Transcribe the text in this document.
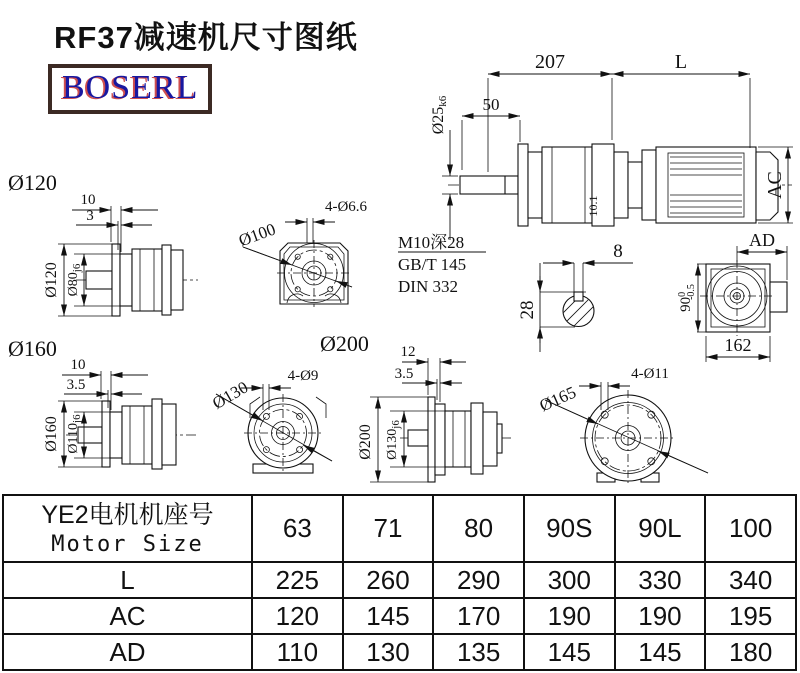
RF37减速机尺寸图纸
BOSERL
207	L
50
Ø25k6
AC
10.1
M10深28
GB/T 145
DIN 332
8
28
AD
$90^0-0.5$
162
Ø120
10
3
Ø120 $Ø80_{j6}$
Ø100
4-Ø6.6
Ø160
10
3.5
Ø160 $Ø110_{j6}$
Ø200
Ø130
4-Ø9
12
3.5
Ø200 $Ø130_{j6}$
Ø165
4-Ø11
YE2电机机座号
Motor Size	63	71	80	90S	90L	100
L	225	260	290	300	330	340
AC	120	145	170	190	190	195
AD	110	130	135	145	145	180
